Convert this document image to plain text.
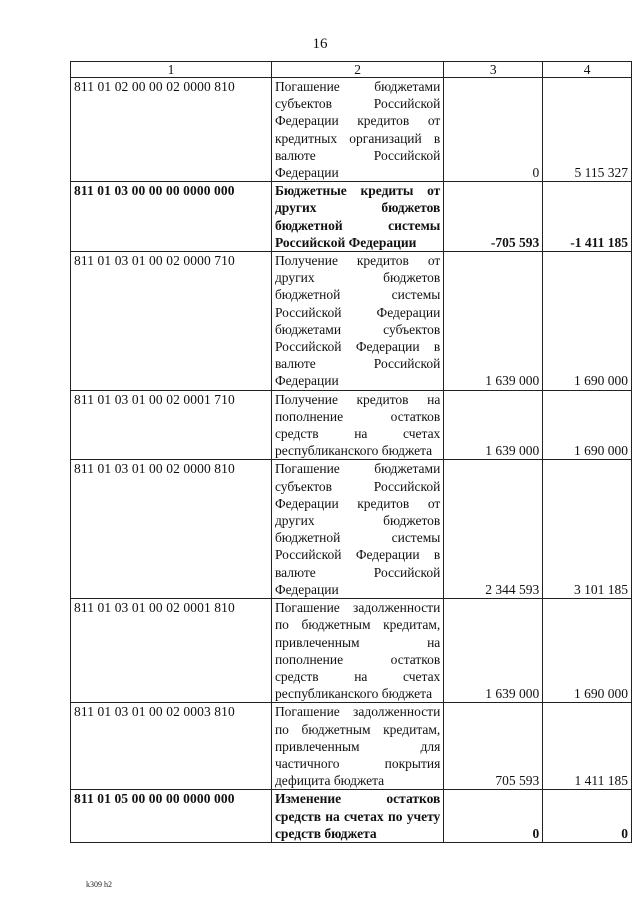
16
1	2	3	4
811 01 02 00 00 02 0000 810	Погашение бюджетами субъектов Российской Федерации кредитов от кредитных организаций в валюте Российской Федерации	0	5 115 327
811 01 03 00 00 00 0000 000	Бюджетные кредиты от других бюджетов бюджетной системы Российской Федерации	-705 593	-1 411 185
811 01 03 01 00 02 0000 710	Получение кредитов от других бюджетов бюджетной системы Российской Федерации бюджетами субъектов Российской Федерации в валюте Российской Федерации	1 639 000	1 690 000
811 01 03 01 00 02 0001 710	Получение кредитов на пополнение остатков средств на счетах республиканского бюджета	1 639 000	1 690 000
811 01 03 01 00 02 0000 810	Погашение бюджетами субъектов Российской Федерации кредитов от других бюджетов бюджетной системы Российской Федерации в валюте Российской Федерации	2 344 593	3 101 185
811 01 03 01 00 02 0001 810	Погашение задолженности по бюджетным кредитам, привлеченным на пополнение остатков средств на счетах республиканского бюджета	1 639 000	1 690 000
811 01 03 01 00 02 0003 810	Погашение задолженности по бюджетным кредитам, привлеченным для частичного покрытия дефицита бюджета	705 593	1 411 185
811 01 05 00 00 00 0000 000	Изменение остатков средств на счетах по учету средств бюджета	0	0
k309 h2
